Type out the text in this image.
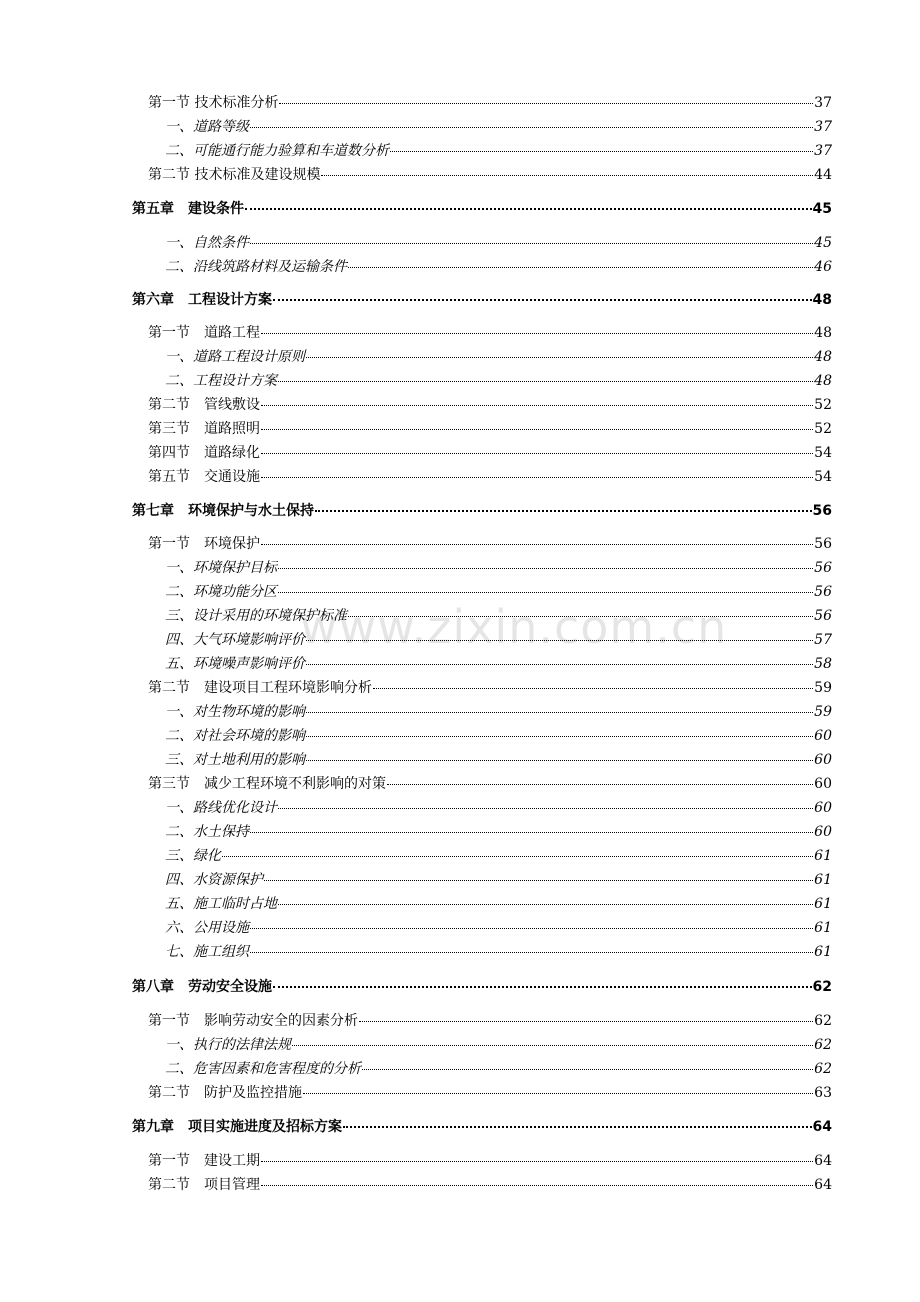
第一节 技术标准分析	37
一、道路等级	37
二、可能通行能力验算和车道数分析	37
第二节 技术标准及建设规模	44
第五章　建设条件	45
一、自然条件	45
二、沿线筑路材料及运输条件	46
第六章　工程设计方案	48
第一节　道路工程	48
一、道路工程设计原则	48
二、工程设计方案	48
第二节　管线敷设	52
第三节　道路照明	52
第四节　道路绿化	54
第五节　交通设施	54
第七章　环境保护与水土保持	56
第一节　环境保护	56
一、环境保护目标	56
二、环境功能分区	56
三、设计采用的环境保护标准	56
四、大气环境影响评价	57
五、环境噪声影响评价	58
第二节　建设项目工程环境影响分析	59
一、对生物环境的影响	59
二、对社会环境的影响	60
三、对土地利用的影响	60
第三节　减少工程环境不利影响的对策	60
一、路线优化设计	60
二、水土保持	60
三、绿化	61
四、水资源保护	61
五、施工临时占地	61
六、公用设施	61
七、施工组织	61
第八章　劳动安全设施	62
第一节　影响劳动安全的因素分析	62
一、执行的法律法规	62
二、危害因素和危害程度的分析	62
第二节　防护及监控措施	63
第九章　项目实施进度及招标方案	64
第一节　建设工期	64
第二节　项目管理	64
www.zixin.com.cn
